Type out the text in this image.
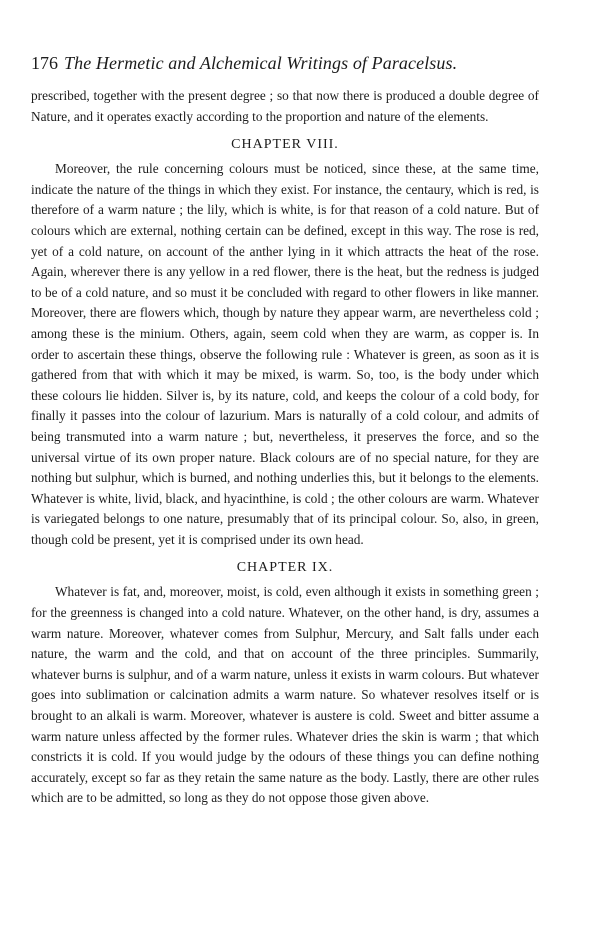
176 The Hermetic and Alchemical Writings of Paracelsus.

prescribed, together with the present degree ; so that now there is produced a double degree of Nature, and it operates exactly according to the proportion and nature of the elements.

CHAPTER VIII.

Moreover, the rule concerning colours must be noticed, since these, at the same time, indicate the nature of the things in which they exist. For instance, the centaury, which is red, is therefore of a warm nature ; the lily, which is white, is for that reason of a cold nature. But of colours which are external, nothing certain can be defined, except in this way. The rose is red, yet of a cold nature, on account of the anther lying in it which attracts the heat of the rose. Again, wherever there is any yellow in a red flower, there is the heat, but the redness is judged to be of a cold nature, and so must it be concluded with regard to other flowers in like manner. Moreover, there are flowers which, though by nature they appear warm, are nevertheless cold ; among these is the minium. Others, again, seem cold when they are warm, as copper is. In order to ascertain these things, observe the following rule : Whatever is green, as soon as it is gathered from that with which it may be mixed, is warm. So, too, is the body under which these colours lie hidden. Silver is, by its nature, cold, and keeps the colour of a cold body, for finally it passes into the colour of lazurium. Mars is naturally of a cold colour, and admits of being transmuted into a warm nature ; but, nevertheless, it preserves the force, and so the universal virtue of its own proper nature. Black colours are of no special nature, for they are nothing but sulphur, which is burned, and nothing underlies this, but it belongs to the elements. Whatever is white, livid, black, and hyacinthine, is cold ; the other colours are warm. Whatever is variegated belongs to one nature, presumably that of its principal colour. So, also, in green, though cold be present, yet it is comprised under its own head.

CHAPTER IX.

Whatever is fat, and, moreover, moist, is cold, even although it exists in something green ; for the greenness is changed into a cold nature. Whatever, on the other hand, is dry, assumes a warm nature. Moreover, whatever comes from Sulphur, Mercury, and Salt falls under each nature, the warm and the cold, and that on account of the three principles. Summarily, whatever burns is sulphur, and of a warm nature, unless it exists in warm colours. But whatever goes into sublimation or calcination admits a warm nature. So whatever resolves itself or is brought to an alkali is warm. Moreover, whatever is austere is cold. Sweet and bitter assume a warm nature unless affected by the former rules. Whatever dries the skin is warm ; that which constricts it is cold. If you would judge by the odours of these things you can define nothing accurately, except so far as they retain the same nature as the body. Lastly, there are other rules which are to be admitted, so long as they do not oppose those given above.
